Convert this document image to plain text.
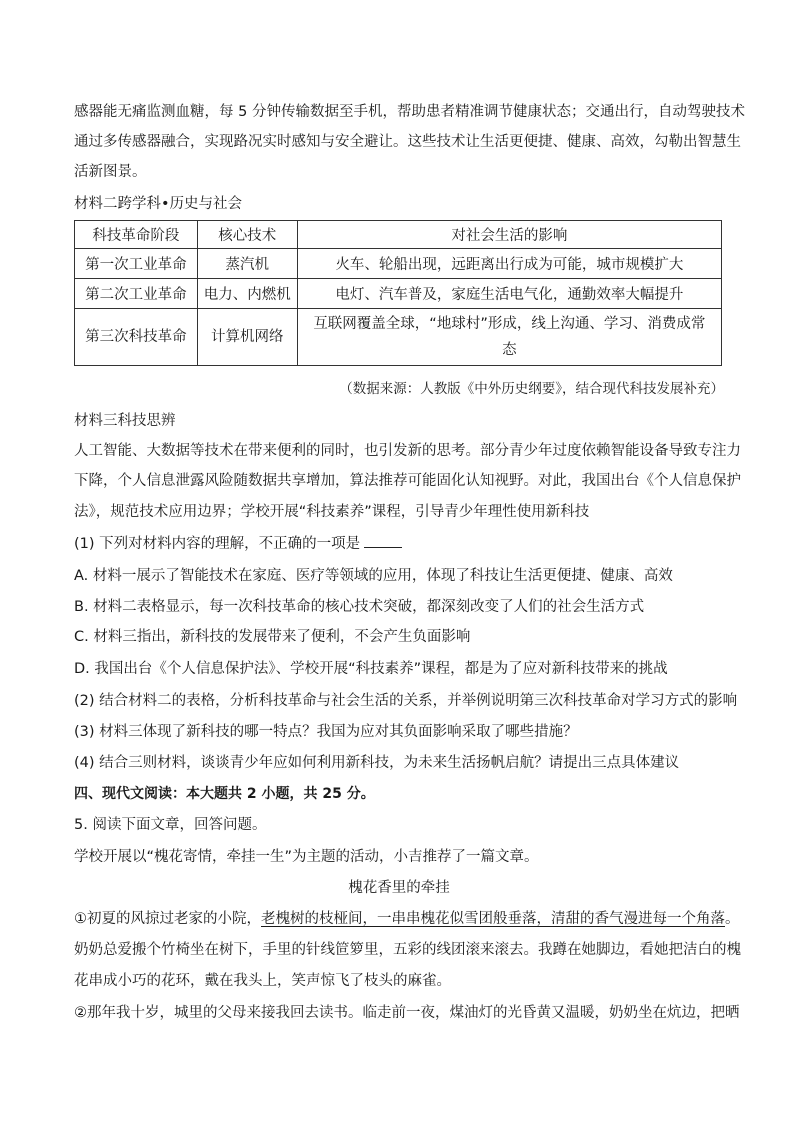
感器能无痛监测血糖，每 5 分钟传输数据至手机，帮助患者精准调节健康状态；交通出行，自动驾驶技术
通过多传感器融合，实现路况实时感知与安全避让。这些技术让生活更便捷、健康、高效，勾勒出智慧生
活新图景。
材料二跨学科•历史与社会
科技革命阶段	核心技术	对社会生活的影响
第一次工业革命	蒸汽机	火车、轮船出现，远距离出行成为可能，城市规模扩大
第二次工业革命	电力、内燃机	电灯、汽车普及，家庭生活电气化，通勤效率大幅提升
第三次科技革命	计算机网络	互联网覆盖全球，“地球村”形成，线上沟通、学习、消费成常
态
（数据来源：人教版《中外历史纲要》，结合现代科技发展补充）
材料三科技思辨
人工智能、大数据等技术在带来便利的同时，也引发新的思考。部分青少年过度依赖智能设备导致专注力
下降，个人信息泄露风险随数据共享增加，算法推荐可能固化认知视野。对此，我国出台《个人信息保护
法》，规范技术应用边界；学校开展“科技素养”课程，引导青少年理性使用新科技
(1) 下列对材料内容的理解，不正确的一项是
A. 材料一展示了智能技术在家庭、医疗等领域的应用，体现了科技让生活更便捷、健康、高效
B. 材料二表格显示，每一次科技革命的核心技术突破，都深刻改变了人们的社会生活方式
C. 材料三指出，新科技的发展带来了便利，不会产生负面影响
D. 我国出台《个人信息保护法》、学校开展“科技素养”课程，都是为了应对新科技带来的挑战
(2) 结合材料二的表格，分析科技革命与社会生活的关系，并举例说明第三次科技革命对学习方式的影响
(3) 材料三体现了新科技的哪一特点？我国为应对其负面影响采取了哪些措施？
(4) 结合三则材料，谈谈青少年应如何利用新科技，为未来生活扬帆启航？请提出三点具体建议
四、现代文阅读：本大题共 2 小题，共 25 分。
5. 阅读下面文章，回答问题。
学校开展以“槐花寄情，牵挂一生”为主题的活动，小吉推荐了一篇文章。
槐花香里的牵挂
①初夏的风掠过老家的小院，老槐树的枝桠间，一串串槐花似雪团般垂落，清甜的香气漫进每一个角落。
奶奶总爱搬个竹椅坐在树下，手里的针线笸箩里，五彩的线团滚来滚去。我蹲在她脚边，看她把洁白的槐
花串成小巧的花环，戴在我头上，笑声惊飞了枝头的麻雀。
②那年我十岁，城里的父母来接我回去读书。临走前一夜，煤油灯的光昏黄又温暖，奶奶坐在炕边，把晒
